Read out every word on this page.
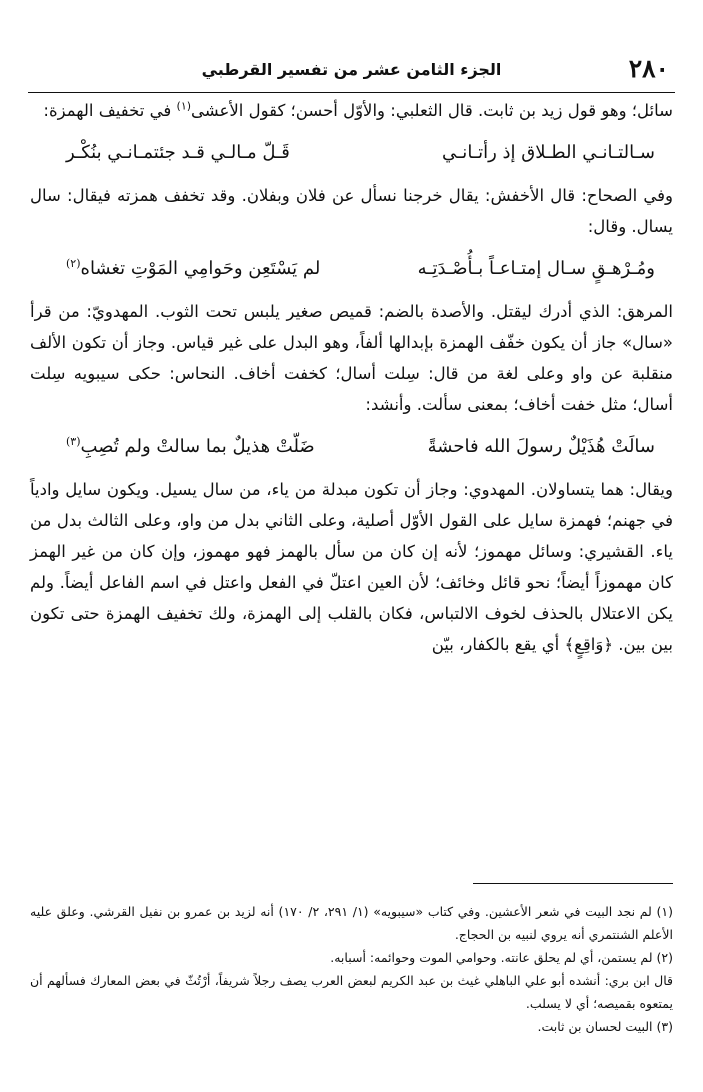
٢٨٠
الجزء الثامن عشر من تفسير القرطبي

سائل؛ وهو قول زيد بن ثابت. قال الثعلبي: والأوّل أحسن؛ كقول الأعشى$^{(١)}$ في تخفيف الهمزة:

سـالتـانـي الطـلاق إذ رأتـانـي
قَـلّ مـالـي قـد جئتمـانـي بنُكْـر

وفي الصحاح: قال الأخفش: يقال خرجنا نسأل عن فلان وبفلان. وقد تخفف همزته فيقال: سال يسال. وقال:

ومُـرْهـقٍ سـال إمتـاعـاً بـأُصْـدَتِـه
لم يَسْتَعِن وحَوامِي المَوْتِ تغشاه$^{(٢)}$

المرهق: الذي أدرك ليقتل. والأصدة بالضم: قميص صغير يلبس تحت الثوب. المهدويّ: من قرأ «سال» جاز أن يكون خفّف الهمزة بإبدالها ألفاً، وهو البدل على غير قياس. وجاز أن تكون الألف منقلبة عن واو وعلى لغة من قال: سِلت أسال؛ كخفت أخاف. النحاس: حكى سيبويه سِلت أسال؛ مثل خفت أخاف؛ بمعنى سألت. وأنشد:

سالَتْ هُذَيْلٌ رسولَ الله فاحشةً
ضَلّتْ هذيلٌ بما سالتْ ولم تُصِبِ$^{(٣)}$

ويقال: هما يتساولان. المهدوي: وجاز أن تكون مبدلة من ياء، من سال يسيل. ويكون سايل وادياً في جهنم؛ فهمزة سايل على القول الأوّل أصلية، وعلى الثاني بدل من واو، وعلى الثالث بدل من ياء. القشيري: وسائل مهموز؛ لأنه إن كان من سأل بالهمز فهو مهموز، وإن كان من غير الهمز كان مهموزاً أيضاً؛ نحو قائل وخائف؛ لأن العين اعتلّ في الفعل واعتل في اسم الفاعل أيضاً. ولم يكن الاعتلال بالحذف لخوف الالتباس، فكان بالقلب إلى الهمزة، ولك تخفيف الهمزة حتى تكون بين بين. ﴿وَاقِعٍ﴾ أي يقع بالكفار، بيّن

(١) لم نجد البيت في شعر الأعشين. وفي كتاب «سيبويه» (١/ ٢٩١، ٢/ ١٧٠) أنه لزيد بن عمرو بن نفيل القرشي. وعلق عليه الأعلم الشنتمري أنه يروي لنبيه بن الحجاج.

(٢) لم يستمن، أي لم يحلق عانته. وحوامي الموت وحوائمه: أسبابه.

قال ابن بري: أنشده أبو علي الباهلي غيث بن عبد الكريم لبعض العرب يصف رجلاً شريفاً، أرْتُثّ في بعض المعارك فسألهم أن يمتعوه بقميصه؛ أي لا يسلب.

(٣) البيت لحسان بن ثابت.
